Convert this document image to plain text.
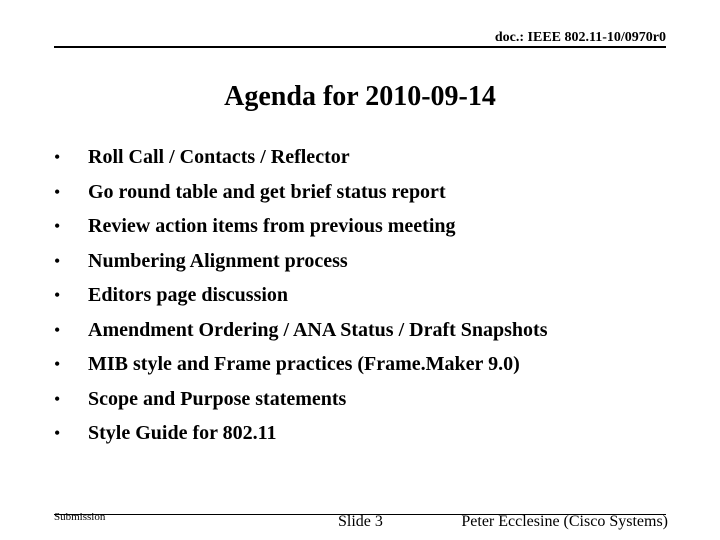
doc.: IEEE 802.11-10/0970r0
Agenda for 2010-09-14
• Roll Call / Contacts / Reflector
• Go round table and get brief status report
• Review action items from previous meeting
• Numbering Alignment process
• Editors page discussion
• Amendment Ordering / ANA Status / Draft Snapshots
• MIB style and Frame practices (Frame.Maker 9.0)
• Scope and Purpose statements
• Style Guide for 802.11
Submission	Slide 3	Peter Ecclesine (Cisco Systems)
